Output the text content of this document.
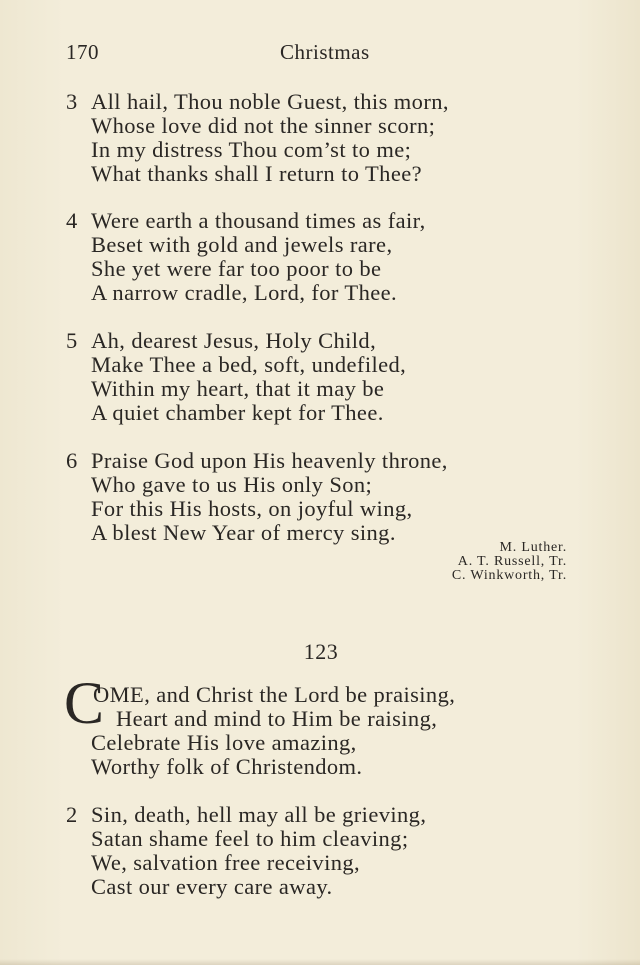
170	Christmas
3 All hail, Thou noble Guest, this morn,
Whose love did not the sinner scorn;
In my distress Thou com’st to me;
What thanks shall I return to Thee?
4 Were earth a thousand times as fair,
Beset with gold and jewels rare,
She yet were far too poor to be
A narrow cradle, Lord, for Thee.
5 Ah, dearest Jesus, Holy Child,
Make Thee a bed, soft, undefiled,
Within my heart, that it may be
A quiet chamber kept for Thee.
6 Praise God upon His heavenly throne,
Who gave to us His only Son;
For this His hosts, on joyful wing,
A blest New Year of mercy sing.
M. Luther.
A. T. Russell, Tr.
C. Winkworth, Tr.
123
C
OME, and Christ the Lord be praising,
Heart and mind to Him be raising,
Celebrate His love amazing,
Worthy folk of Christendom.
2 Sin, death, hell may all be grieving,
Satan shame feel to him cleaving;
We, salvation free receiving,
Cast our every care away.
